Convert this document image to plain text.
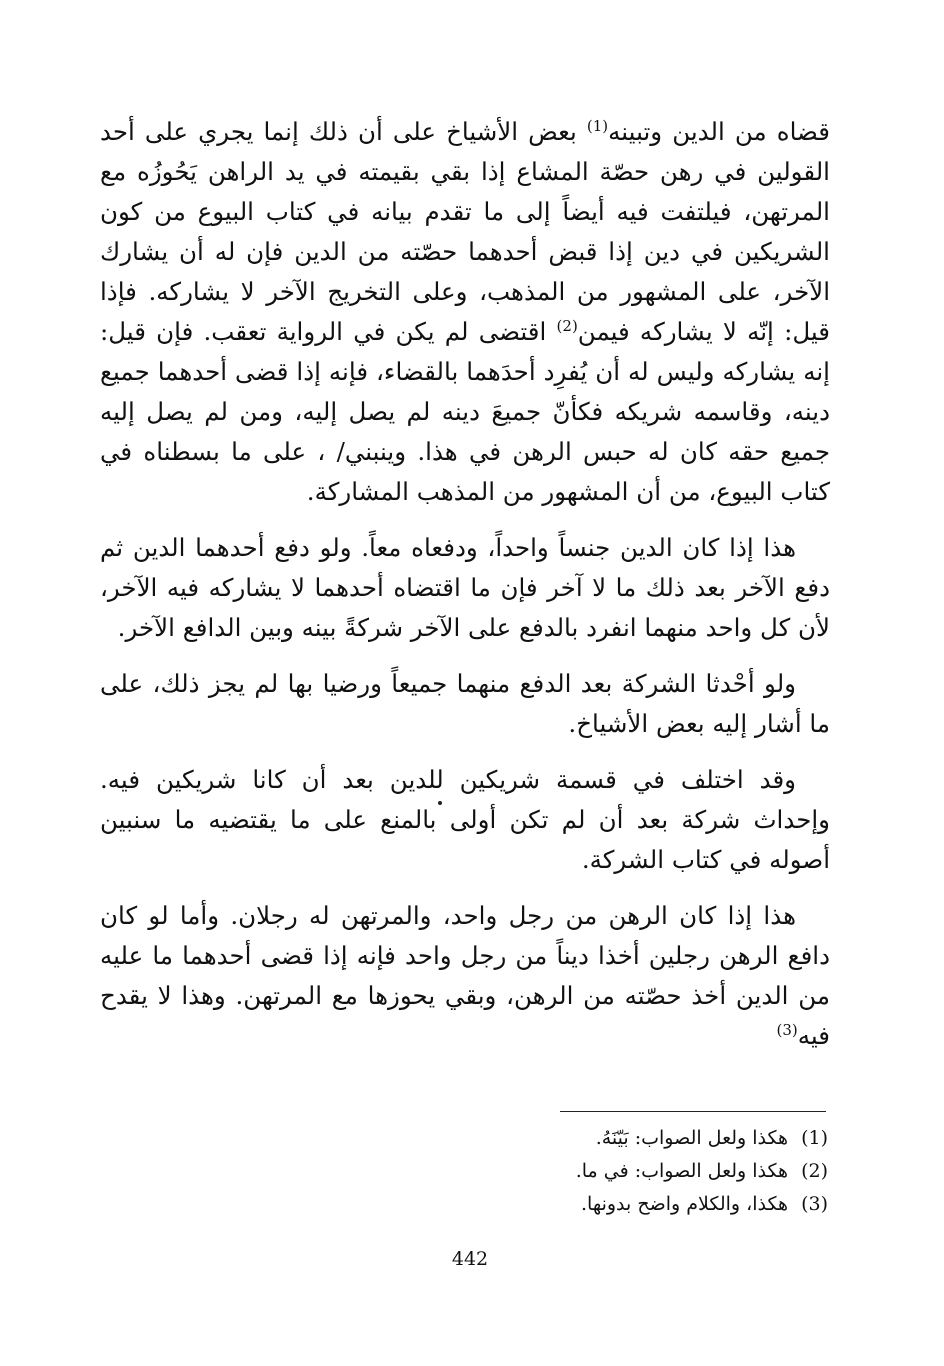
قضاه من الدين وتبينه$^{(1)}$ بعض الأشياخ على أن ذلك إنما يجري على أحد القولين في رهن حصّة المشاع إذا بقي بقيمته في يد الراهن يَحُوزُه مع المرتهن، فيلتفت فيه أيضاً إلى ما تقدم بيانه في كتاب البيوع من كون الشريكين في دين إذا قبض أحدهما حصّته من الدين فإن له أن يشارك الآخر، على المشهور من المذهب، وعلى التخريج الآخر لا يشاركه. فإذا قيل: إنّه لا يشاركه فيمن$^{(2)}$ اقتضى لم يكن في الرواية تعقب. فإن قيل: إنه يشاركه وليس له أن يُفرِد أحدَهما بالقضاء، فإنه إذا قضى أحدهما جميع دينه، وقاسمه شريكه فكأنّ جميعَ دينه لم يصل إليه، ومن لم يصل إليه جميع حقه كان له حبس الرهن في هذا. وينبني/ ، على ما بسطناه في كتاب البيوع، من أن المشهور من المذهب المشاركة.

هذا إذا كان الدين جنساً واحداً، ودفعاه معاً. ولو دفع أحدهما الدين ثم دفع الآخر بعد ذلك ما لا آخر فإن ما اقتضاه أحدهما لا يشاركه فيه الآخر، لأن كل واحد منهما انفرد بالدفع على الآخر شركةً بينه وبين الدافع الآخر.

ولو أحْدثا الشركة بعد الدفع منهما جميعاً ورضيا بها لم يجز ذلك، على ما أشار إليه بعض الأشياخ.

وقد اختلف في قسمة شريكين للدين بعد أن كانا شريكين فيه. وإحداث شركة بعد أن لم تكن أولى بالمنع على ما يقتضيه ما سنبين أصوله في كتاب الشركة.

هذا إذا كان الرهن من رجل واحد، والمرتهن له رجلان. وأما لو كان دافع الرهن رجلين أخذا ديناً من رجل واحد فإنه إذا قضى أحدهما ما عليه من الدين أخذ حصّته من الرهن، وبقي يحوزها مع المرتهن. وهذا لا يقدح فيه$^{(3)}$

(1)
هكذا ولعل الصواب: بَيّنَهُ.
(2)
هكذا ولعل الصواب: في ما.
(3)
هكذا، والكلام واضح بدونها.
442
